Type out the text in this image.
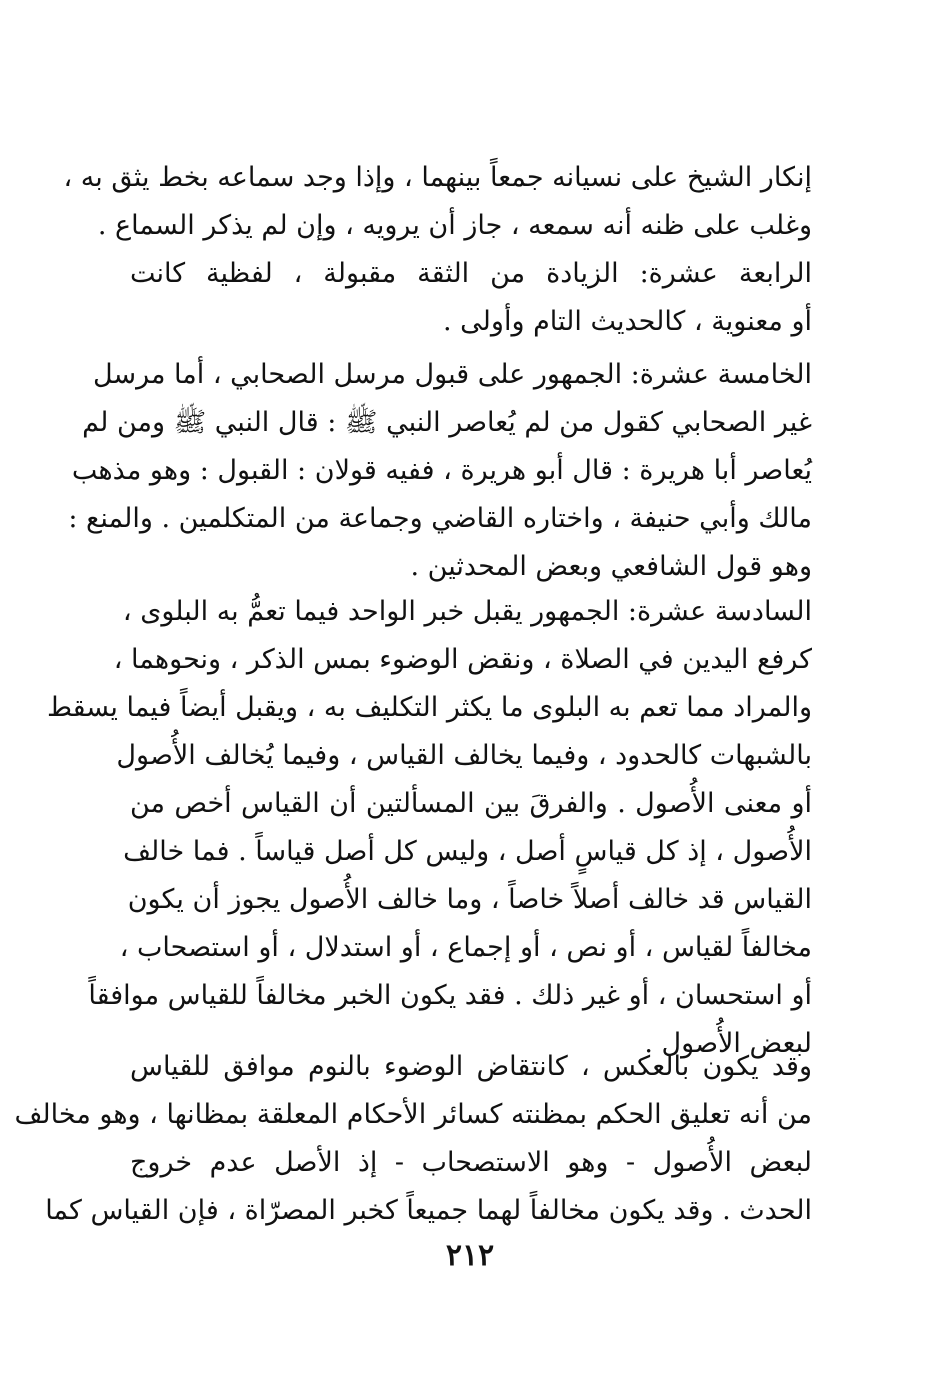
إنكار الشيخ على نسيانه جمعاً بينهما ، وإذا وجد سماعه بخط يثق به ،
وغلب على ظنه أنه سمعه ، جاز أن يرويه ، وإن لم يذكر السماع .
الرابعة عشرة: الزيادة من الثقة مقبولة ، لفظية كانت
أو معنوية ، كالحديث التام وأولى .
الخامسة عشرة: الجمهور على قبول مرسل الصحابي ، أما مرسل
غير الصحابي كقول من لم يُعاصر النبي ﷺ : قال النبي ﷺ ومن لم
يُعاصر أبا هريرة : قال أبو هريرة ، ففيه قولان : القبول : وهو مذهب
مالك وأبي حنيفة ، واختاره القاضي وجماعة من المتكلمين . والمنع :
وهو قول الشافعي وبعض المحدثين .
السادسة عشرة: الجمهور يقبل خبر الواحد فيما تعمُّ به البلوى ،
كرفع اليدين في الصلاة ، ونقض الوضوء بمس الذكر ، ونحوهما ،
والمراد مما تعم به البلوى ما يكثر التكليف به ، ويقبل أيضاً فيما يسقط
بالشبهات كالحدود ، وفيما يخالف القياس ، وفيما يُخالف الأُصول
أو معنى الأُصول . والفرقَ بين المسألتين أن القياس أخص من
الأُصول ، إذ كل قياسٍ أصل ، وليس كل أصل قياساً . فما خالف
القياس قد خالف أصلاً خاصاً ، وما خالف الأُصول يجوز أن يكون
مخالفاً لقياس ، أو نص ، أو إجماع ، أو استدلال ، أو استصحاب ،
أو استحسان ، أو غير ذلك . فقد يكون الخبر مخالفاً للقياس موافقاً
لبعض الأُصول .
وقد يكون بالعكس ، كانتقاض الوضوء بالنوم موافق للقياس
من أنه تعليق الحكم بمظنته كسائر الأحكام المعلقة بمظانها ، وهو مخالف
لبعض الأُصول - وهو الاستصحاب - إذ الأصل عدم خروج
الحدث . وقد يكون مخالفاً لهما جميعاً كخبر المصرّاة ، فإن القياس كما
٢١٢
